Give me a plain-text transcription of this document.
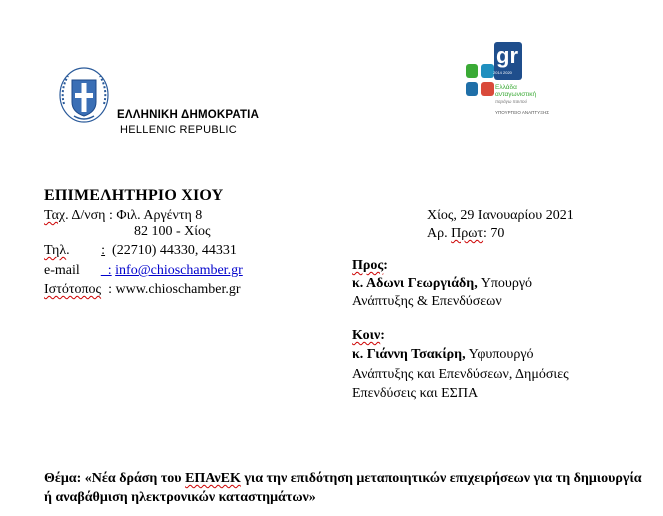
ΕΛΛΗΝΙΚΗ ΔΗΜΟΚΡΑΤΙΑ
HELLENIC REPUBLIC
gr
2014 2020
Ελλάδα
ανταγωνιστική
παράγω παντού
ΥΠΟΥΡΓΕΙΟ ΑΝΑΠΤΥΞΗΣ
ΕΠΙΜΕΛΗΤΗΡΙΟ ΧΙΟΥ
Ταχ. Δ/νση : Φιλ. Αργέντη 8
82 100 - Χίος
Τηλ.         :  (22710) 44330, 44331
e-mail        : info@chioschamber.gr
Ιστότοπος  : www.chioschamber.gr
Χίος, 29 Ιανουαρίου 2021
Αρ. Πρωτ: 70
Προς:
κ. Αδωνι Γεωργιάδη, Υπουργό
Ανάπτυξης & Επενδύσεων
Κοιν:
κ. Γιάννη Τσακίρη, Υφυπουργό
Ανάπτυξης και Επενδύσεων, Δημόσιες
Επενδύσεις και ΕΣΠΑ
Θέμα: «Νέα δράση του ΕΠΑνΕΚ για την επιδότηση μεταποιητικών επιχειρήσεων για τη δημιουργία ή αναβάθμιση ηλεκτρονικών καταστημάτων»
